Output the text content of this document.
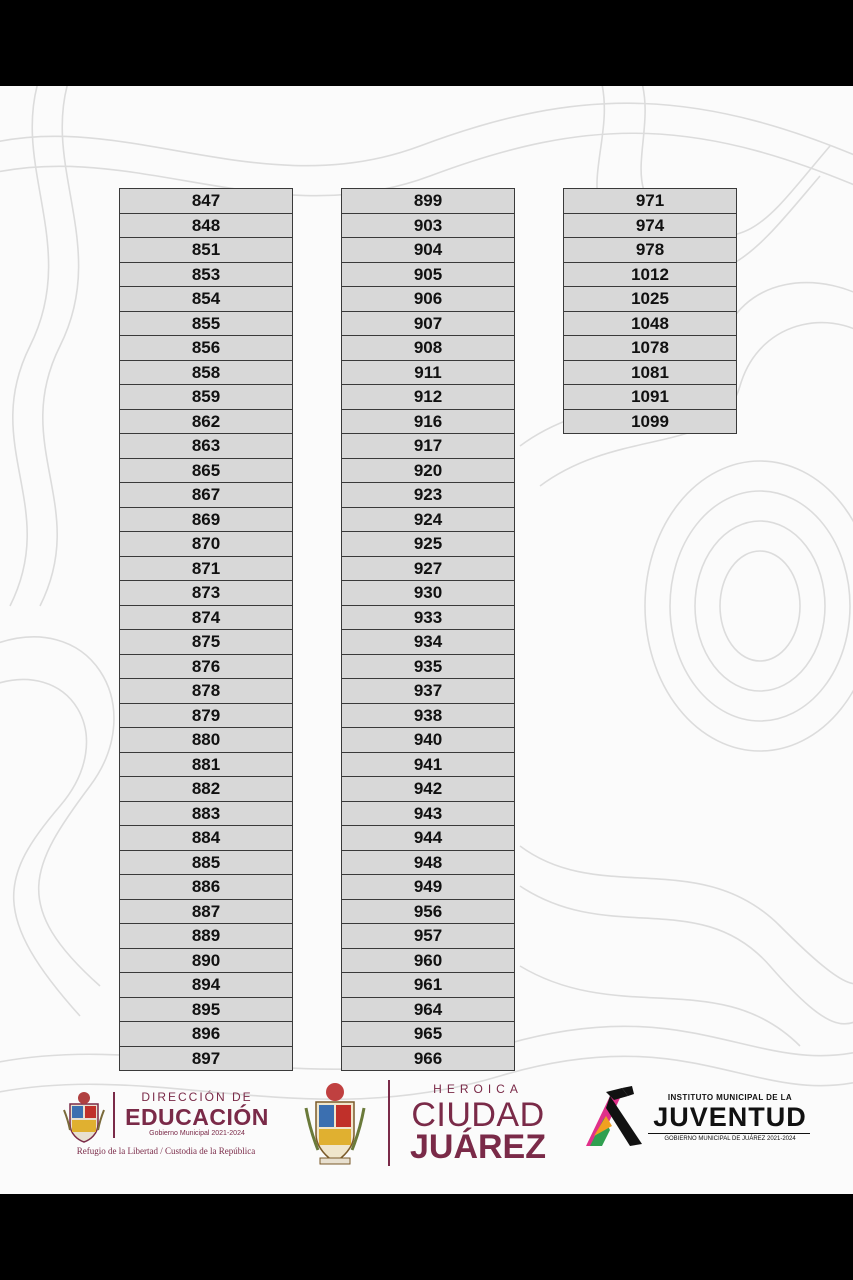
847
848
851
853
854
855
856
858
859
862
863
865
867
869
870
871
873
874
875
876
878
879
880
881
882
883
884
885
886
887
889
890
894
895
896
897
899
903
904
905
906
907
908
911
912
916
917
920
923
924
925
927
930
933
934
935
937
938
940
941
942
943
944
948
949
956
957
960
961
964
965
966
971
974
978
1012
1025
1048
1078
1081
1091
1099
DIRECCIÓN DE
EDUCACIÓN
Gobierno Municipal 2021-2024
Refugio de la Libertad / Custodia de la República
HEROICA
CIUDAD
JUÁREZ
INSTITUTO MUNICIPAL DE LA
JUVENTUD
GOBIERNO MUNICIPAL DE JUÁREZ 2021-2024
